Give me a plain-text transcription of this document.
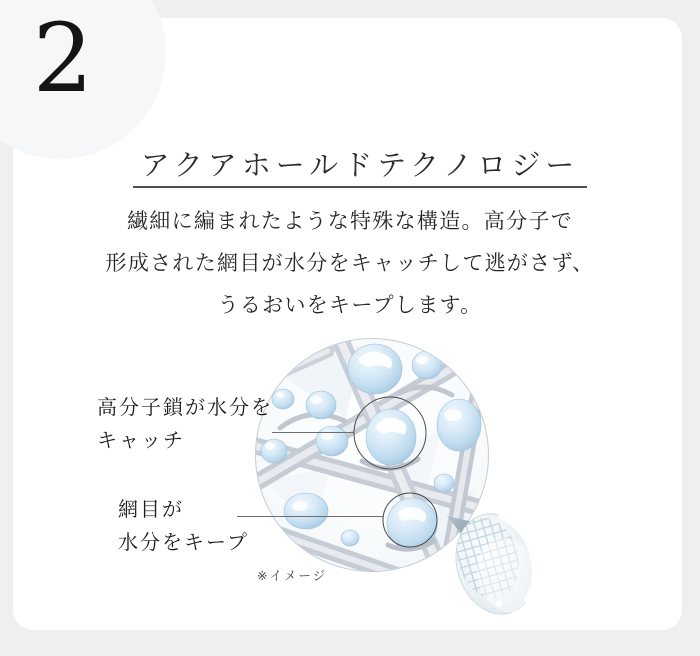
2
アクアホールドテクノロジー
繊細に編まれたような特殊な構造。高分子で
形成された網目が水分をキャッチして逃がさず、
うるおいをキープします。
高分子鎖が水分を
キャッチ
網目が
水分をキープ
※イメージ
